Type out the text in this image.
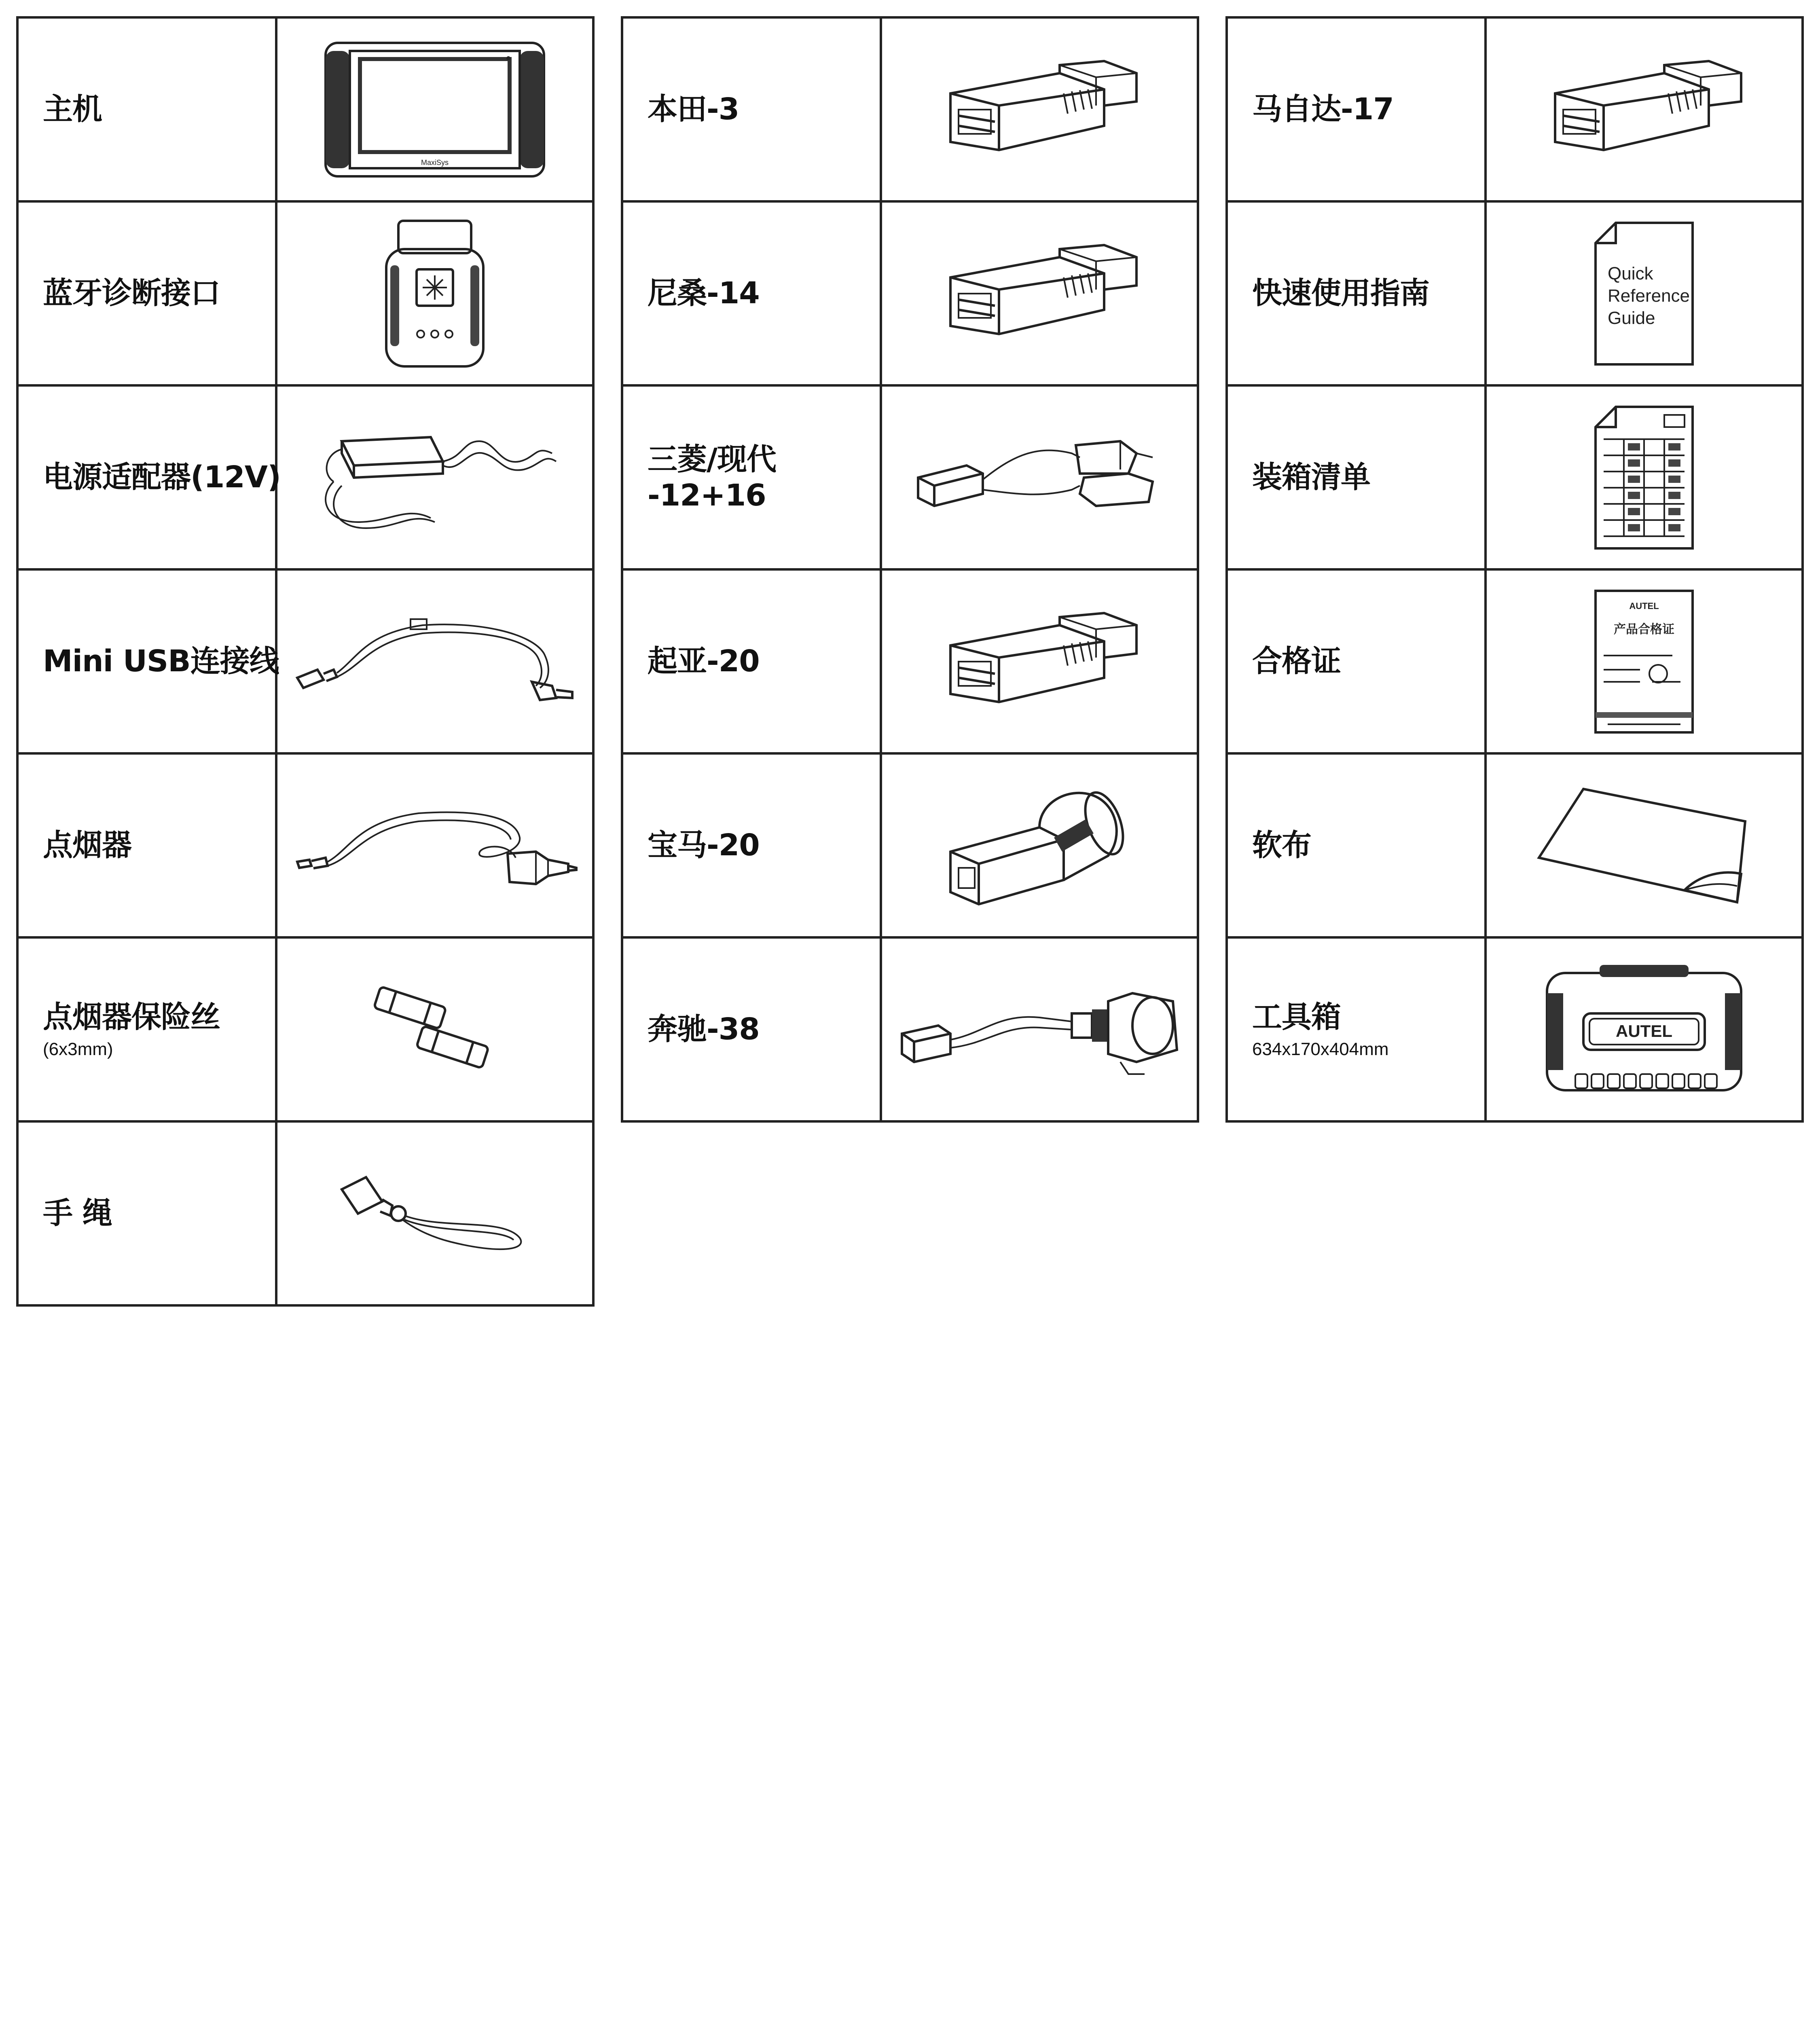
主机
MaxiSys
蓝牙诊断接口
电源适配器(12V)
Mini USB连接线
点烟器
点烟器保险丝
(6x3mm)
手 绳
本田-3
尼桑-14
三菱/现代
-12+16
起亚-20
宝马-20
奔驰-38
马自达-17
快速使用指南
Quick
Reference
Guide
装箱清单
合格证
AUTEL
产品合格证
软布
工具箱
634x170x404mm
AUTEL
